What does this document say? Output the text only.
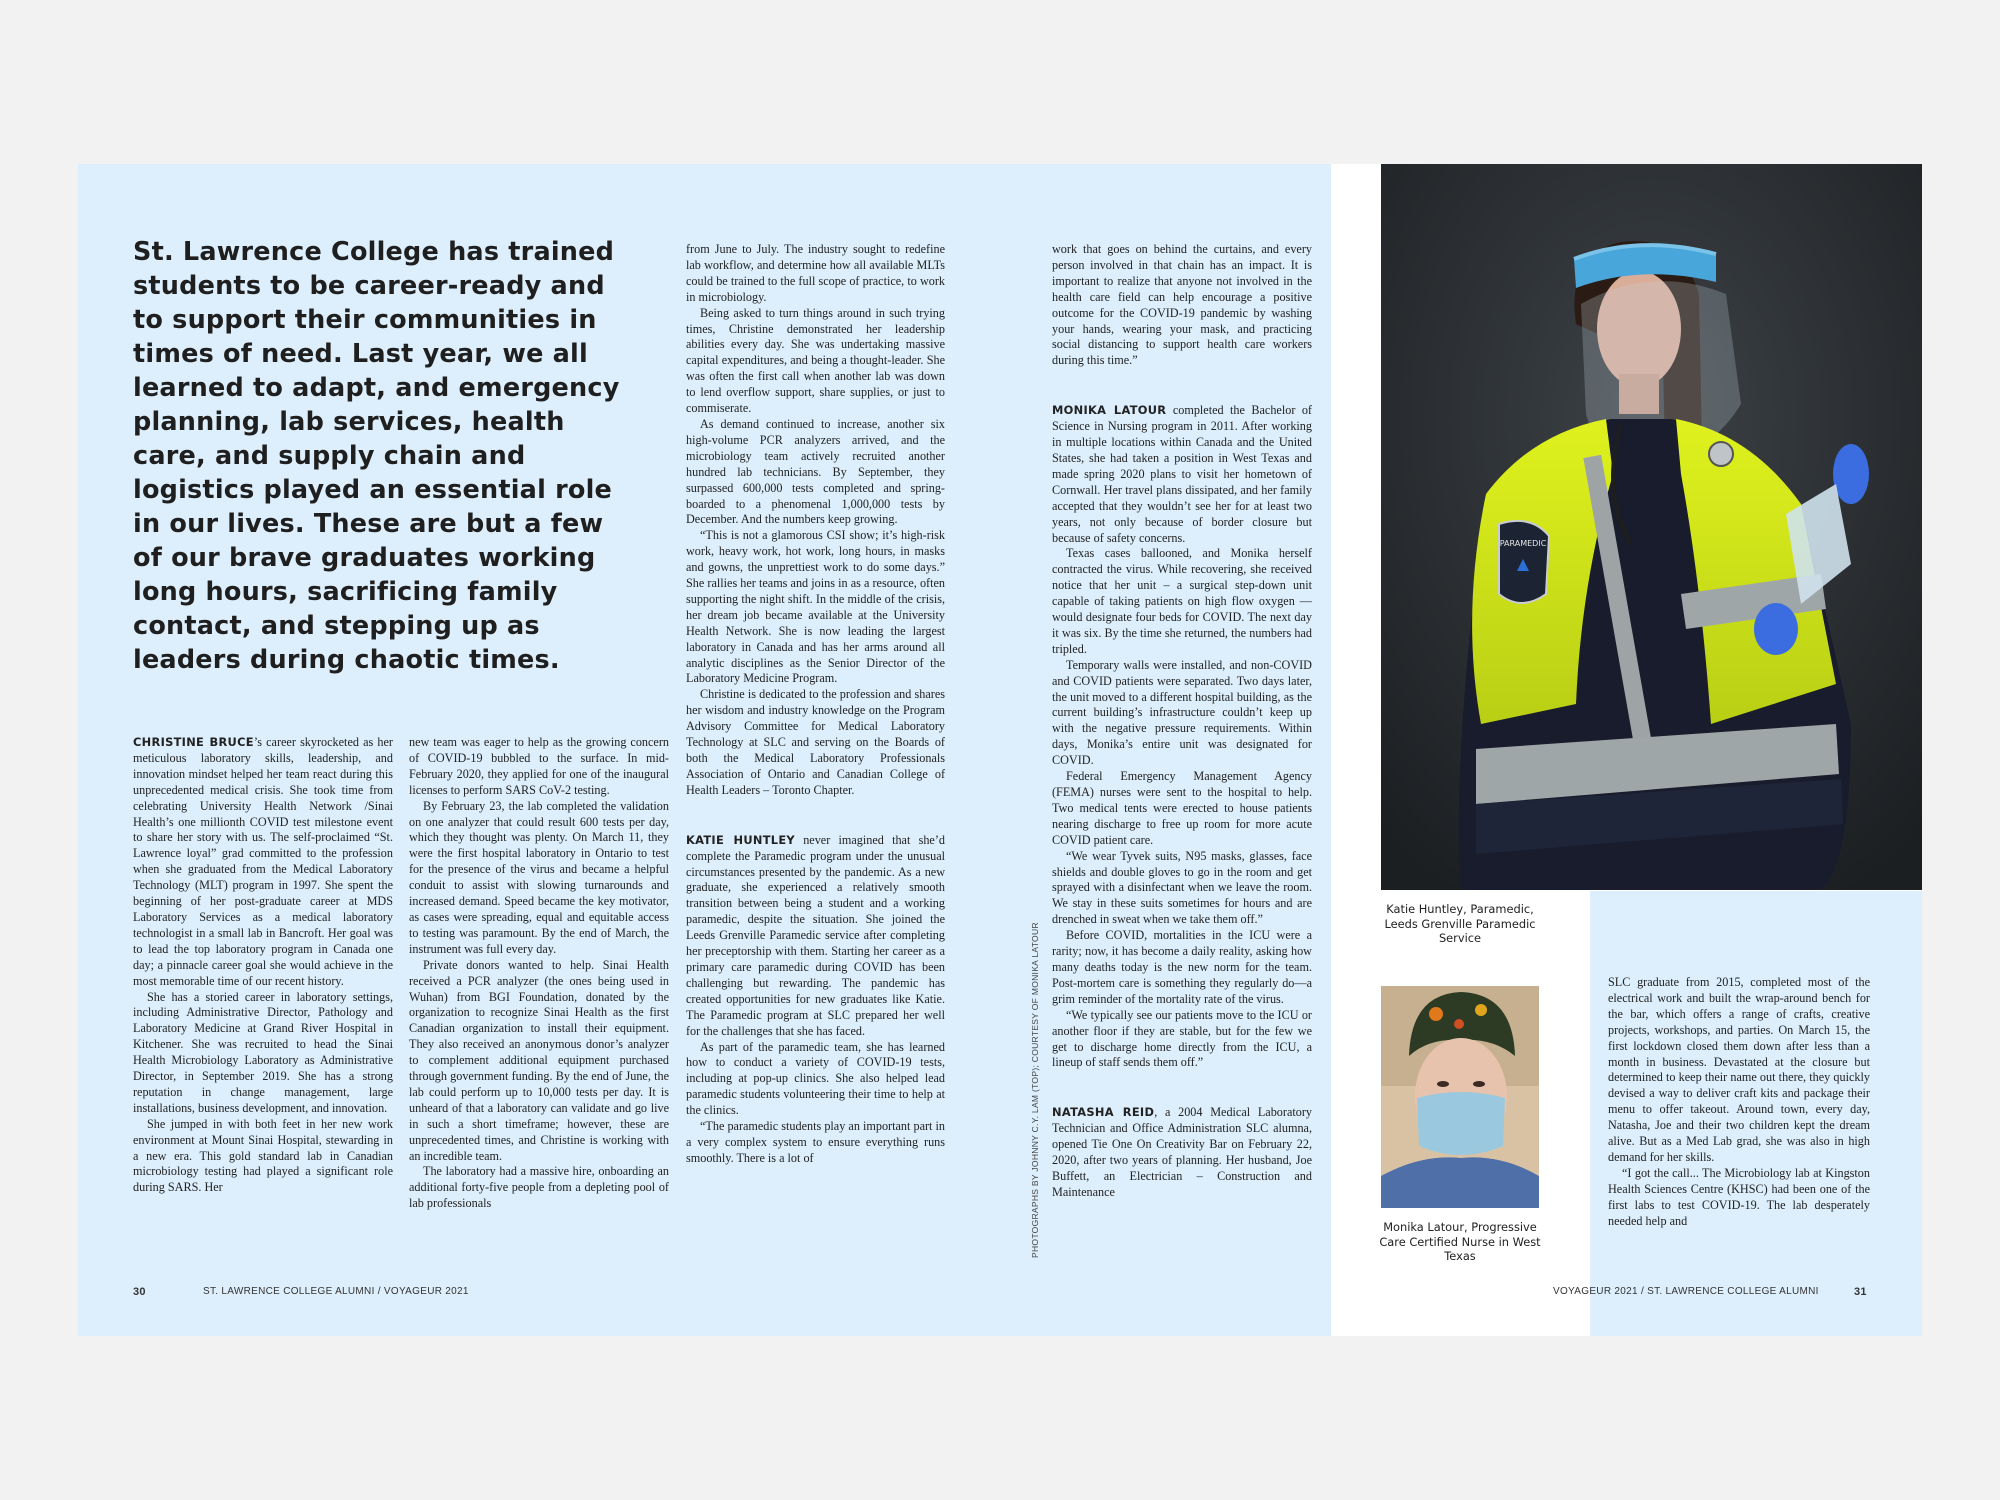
St. Lawrence College has trained students to be career-ready and to support their communities in times of need. Last year, we all learned to adapt, and emergency planning, lab services, health care, and supply chain and logistics played an essential role in our lives. These are but a few of our brave graduates working long hours, sacrificing family contact, and stepping up as leaders during chaotic times.

CHRISTINE BRUCE’s career skyrocketed as her meticulous laboratory skills, leadership, and innovation mindset helped her team react during this unprecedented medical crisis. She took time from celebrating University Health Network /Sinai Health’s one millionth COVID test milestone event to share her story with us. The self-proclaimed “St. Lawrence loyal” grad committed to the profession when she graduated from the Medical Laboratory Technology (MLT) program in 1997. She spent the beginning of her post-graduate career at MDS Laboratory Services as a medical laboratory technologist in a small lab in Bancroft. Her goal was to lead the top laboratory program in Canada one day; a pinnacle career goal she would achieve in the most memorable time of our recent history.

She has a storied career in laboratory settings, including Administrative Director, Pathology and Laboratory Medicine at Grand River Hospital in Kitchener. She was recruited to head the Sinai Health Microbiology Laboratory as Administrative Director, in September 2019. She has a strong reputation in change management, large installations, business development, and innovation.

She jumped in with both feet in her new work environment at Mount Sinai Hospital, stewarding in a new era. This gold standard lab in Canadian microbiology testing had played a significant role during SARS. Her

new team was eager to help as the growing concern of COVID-19 bubbled to the surface. In mid-February 2020, they applied for one of the inaugural licenses to perform SARS CoV-2 testing.

By February 23, the lab completed the validation on one analyzer that could result 600 tests per day, which they thought was plenty. On March 11, they were the first hospital laboratory in Ontario to test for the presence of the virus and became a helpful conduit to assist with slowing turnarounds and increased demand. Speed became the key motivator, as cases were spreading, equal and equitable access to testing was paramount. By the end of March, the instrument was full every day.

Private donors wanted to help. Sinai Health received a PCR analyzer (the ones being used in Wuhan) from BGI Foundation, donated by the organization to recognize Sinai Health as the first Canadian organization to install their equipment. They also received an anonymous donor’s analyzer to complement additional equipment purchased through government funding. By the end of June, the lab could perform up to 10,000 tests per day. It is unheard of that a laboratory can validate and go live in such a short timeframe; however, these are unprecedented times, and Christine is working with an incredible team.

The laboratory had a massive hire, onboarding an additional forty-five people from a depleting pool of lab professionals

from June to July. The industry sought to redefine lab workflow, and determine how all available MLTs could be trained to the full scope of practice, to work in microbiology.

Being asked to turn things around in such trying times, Christine demonstrated her leadership abilities every day. She was undertaking massive capital expenditures, and being a thought-leader. She was often the first call when another lab was down to lend overflow support, share supplies, or just to commiserate.

As demand continued to increase, another six high-volume PCR analyzers arrived, and the microbiology team actively recruited another hundred lab technicians. By September, they surpassed 600,000 tests completed and spring-boarded to a phenomenal 1,000,000 tests by December. And the numbers keep growing.

“This is not a glamorous CSI show; it’s high-risk work, heavy work, hot work, long hours, in masks and gowns, the unprettiest work to do some days.” She rallies her teams and joins in as a resource, often supporting the night shift. In the middle of the crisis, her dream job became available at the University Health Network. She is now leading the largest laboratory in Canada and has her arms around all analytic disciplines as the Senior Director of the Laboratory Medicine Program.

Christine is dedicated to the profession and shares her wisdom and industry knowledge on the Program Advisory Committee for Medical Laboratory Technology at SLC and serving on the Boards of both the Medical Laboratory Professionals Association of Ontario and Canadian College of Health Leaders – Toronto Chapter.

KATIE HUNTLEY never imagined that she’d complete the Paramedic program under the unusual circumstances presented by the pandemic. As a new graduate, she experienced a relatively smooth transition between being a student and a working paramedic, despite the situation. She joined the Leeds Grenville Paramedic service after completing her preceptorship with them. Starting her career as a primary care paramedic during COVID has been challenging but rewarding. The pandemic has created opportunities for new graduates like Katie. The Paramedic program at SLC prepared her well for the challenges that she has faced.

As part of the paramedic team, she has learned how to conduct a variety of COVID-19 tests, including at pop-up clinics. She also helped lead paramedic students volunteering their time to help at the clinics.

“The paramedic students play an important part in a very complex system to ensure everything runs smoothly. There is a lot of

work that goes on behind the curtains, and every person involved in that chain has an impact. It is important to realize that anyone not involved in the health care field can help encourage a positive outcome for the COVID-19 pandemic by washing your hands, wearing your mask, and practicing social distancing to support health care workers during this time.”

MONIKA LATOUR completed the Bachelor of Science in Nursing program in 2011. After working in multiple locations within Canada and the United States, she had taken a position in West Texas and made spring 2020 plans to visit her hometown of Cornwall. Her travel plans dissipated, and her family accepted that they wouldn’t see her for at least two years, not only because of border closure but because of safety concerns.

Texas cases ballooned, and Monika herself contracted the virus. While recovering, she received notice that her unit – a surgical step-down unit capable of taking patients on high flow oxygen — would designate four beds for COVID. The next day it was six. By the time she returned, the numbers had tripled.

Temporary walls were installed, and non-COVID and COVID patients were separated. Two days later, the unit moved to a different hospital building, as the current building’s infrastructure couldn’t keep up with the negative pressure requirements. Within days, Monika’s entire unit was designated for COVID.

Federal Emergency Management Agency (FEMA) nurses were sent to the hospital to help. Two medical tents were erected to house patients nearing discharge to free up room for more acute COVID patient care.

“We wear Tyvek suits, N95 masks, glasses, face shields and double gloves to go in the room and get sprayed with a disinfectant when we leave the room. We stay in these suits sometimes for hours and are drenched in sweat when we take them off.”

Before COVID, mortalities in the ICU were a rarity; now, it has become a daily reality, asking how many deaths today is the new norm for the team. Post-mortem care is something they regularly do—a grim reminder of the mortality rate of the virus.

“We typically see our patients move to the ICU or another floor if they are stable, but for the few we get to discharge home directly from the ICU, a lineup of staff sends them off.”

NATASHA REID, a 2004 Medical Laboratory Technician and Office Administration SLC alumna, opened Tie One On Creativity Bar on February 22, 2020, after two years of planning. Her husband, Joe Buffett, an Electrician – Construction and Maintenance

SLC graduate from 2015, completed most of the electrical work and built the wrap-around bench for the bar, which offers a range of crafts, creative projects, workshops, and parties. On March 15, the first lockdown closed them down after less than a month in business. Devastated at the closure but determined to keep their name out there, they quickly devised a way to deliver craft kits and package their menu to offer takeout. Around town, every day, Natasha, Joe and their two children kept the dream alive. But as a Med Lab grad, she was also in high demand for her skills.

“I got the call... The Microbiology lab at Kingston Health Sciences Centre (KHSC) had been one of the first labs to test COVID-19. The lab desperately needed help and

PARAMEDIC
Katie Huntley, Paramedic, Leeds Grenville Paramedic Service
Monika Latour, Progressive Care Certified Nurse in West Texas
PHOTOGRAPHS BY JOHNNY C.Y. LAM (TOP); COURTESY OF MONIKA LATOUR
30	ST. LAWRENCE COLLEGE ALUMNI / VOYAGEUR 2021	VOYAGEUR 2021 / ST. LAWRENCE COLLEGE ALUMNI	31
